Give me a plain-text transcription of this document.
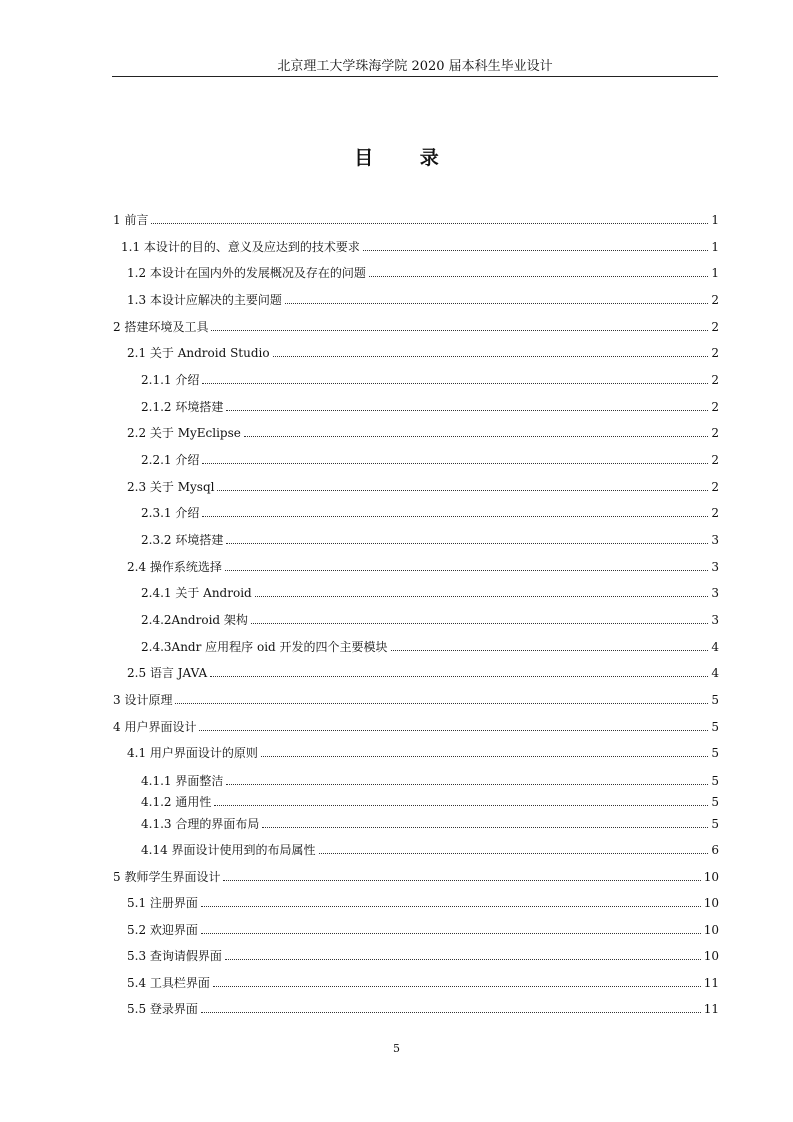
北京理工大学珠海学院 2020 届本科生毕业设计
目 录
1 前言	1
1.1 本设计的目的、意义及应达到的技术要求	1
1.2 本设计在国内外的发展概况及存在的问题	1
1.3 本设计应解决的主要问题	2
2 搭建环境及工具	2
2.1 关于 Android Studio	2
2.1.1 介绍	2
2.1.2 环境搭建	2
2.2 关于 MyEclipse	2
2.2.1 介绍	2
2.3 关于 Mysql	2
2.3.1 介绍	2
2.3.2 环境搭建	3
2.4 操作系统选择	3
2.4.1 关于 Android	3
2.4.2Android 架构	3
2.4.3Andr 应用程序 oid 开发的四个主要模块	4
2.5 语言 JAVA	4
3 设计原理	5
4 用户界面设计	5
4.1 用户界面设计的原则	5
4.1.1 界面整洁	5
4.1.2 通用性	5
4.1.3 合理的界面布局	5
4.14 界面设计使用到的布局属性	6
5 教师学生界面设计	10
5.1 注册界面	10
5.2 欢迎界面	10
5.3 查询请假界面	10
5.4 工具栏界面	11
5.5 登录界面	11
5
